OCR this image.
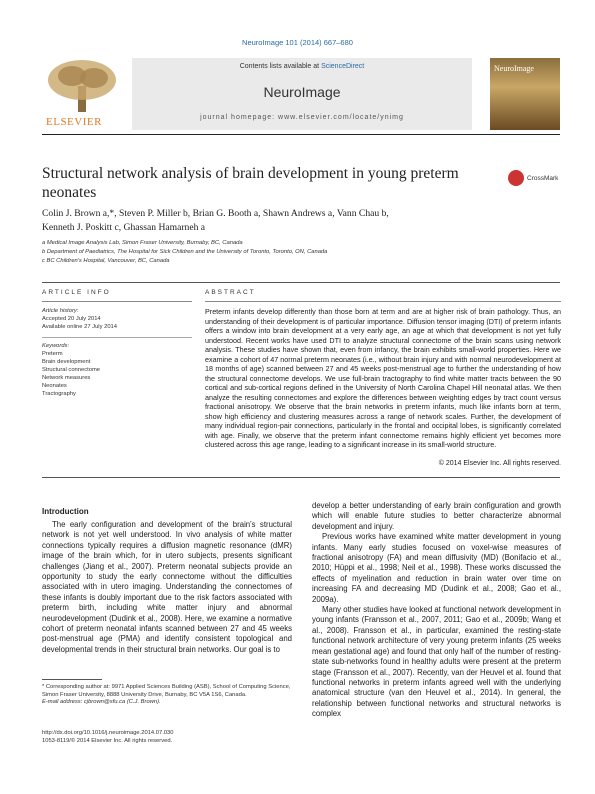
NeuroImage 101 (2014) 667–680
ELSEVIER
Contents lists available at ScienceDirect
NeuroImage
journal homepage: www.elsevier.com/locate/ynimg
NeuroImage
Structural network analysis of brain development in young preterm neonates
CrossMark
Colin J. Brown a,*, Steven P. Miller b, Brian G. Booth a, Shawn Andrews a, Vann Chau b,
Kenneth J. Poskitt c, Ghassan Hamarneh a
a Medical Image Analysis Lab, Simon Fraser University, Burnaby, BC, Canada
b Department of Paediatrics, The Hospital for Sick Children and the University of Toronto, Toronto, ON, Canada
c BC Children's Hospital, Vancouver, BC, Canada
ARTICLE INFO	ABSTRACT
Article history:
Accepted 20 July 2014
Available online 27 July 2014
Keywords:
Preterm
Brain development
Structural connectome
Network measures
Neonates
Tractography
Preterm infants develop differently than those born at term and are at higher risk of brain pathology. Thus, an understanding of their development is of particular importance. Diffusion tensor imaging (DTI) of preterm infants offers a window into brain development at a very early age, an age at which that development is not yet fully understood. Recent works have used DTI to analyze structural connectome of the brain scans using network analysis. These studies have shown that, even from infancy, the brain exhibits small-world properties. Here we examine a cohort of 47 normal preterm neonates (i.e., without brain injury and with normal neurodevelopment at 18 months of age) scanned between 27 and 45 weeks post-menstrual age to further the understanding of how the structural connectome develops. We use full-brain tractography to find white matter tracts between the 90 cortical and sub-cortical regions defined in the University of North Carolina Chapel Hill neonatal atlas. We then analyze the resulting connectomes and explore the differences between weighting edges by tract count versus fractional anisotropy. We observe that the brain networks in preterm infants, much like infants born at term, show high efficiency and clustering measures across a range of network scales. Further, the development of many individual region-pair connections, particularly in the frontal and occipital lobes, is significantly correlated with age. Finally, we observe that the preterm infant connectome remains highly efficient yet becomes more clustered across this age range, leading to a significant increase in its small-world structure.
© 2014 Elsevier Inc. All rights reserved.
Introduction

The early configuration and development of the brain's structural network is not yet well understood. In vivo analysis of white matter connections typically requires a diffusion magnetic resonance (dMR) image of the brain which, for in utero subjects, presents significant challenges (Jiang et al., 2007). Preterm neonatal subjects provide an opportunity to study the early connectome without the difficulties associated with in utero imaging. Understanding the connectomes of these infants is doubly important due to the risk factors associated with preterm birth, including white matter injury and abnormal neurodevelopment (Dudink et al., 2008). Here, we examine a normative cohort of preterm neonatal infants scanned between 27 and 45 weeks post-menstrual age (PMA) and identify consistent topological and developmental trends in their structural brain networks. Our goal is to

develop a better understanding of early brain configuration and growth which will enable future studies to better characterize abnormal development and injury.

Previous works have examined white matter development in young infants. Many early studies focused on voxel-wise measures of fractional anisotropy (FA) and mean diffusivity (MD) (Bonifacio et al., 2010; Hüppi et al., 1998; Neil et al., 1998). These works discussed the effects of myelination and reduction in brain water over time on increasing FA and decreasing MD (Dudink et al., 2008; Gao et al., 2009a).

Many other studies have looked at functional network development in young infants (Fransson et al., 2007, 2011; Gao et al., 2009b; Wang et al., 2008). Fransson et al., in particular, examined the resting-state functional network architecture of very young preterm infants (25 weeks mean gestational age) and found that only half of the number of resting-state sub-networks found in healthy adults were present at the preterm stage (Fransson et al., 2007). Recently, van der Heuvel et al. found that functional networks in preterm infants agreed well with the underlying anatomical structure (van den Heuvel et al., 2014). In general, the relationship between functional networks and structural networks is complex

* Corresponding author at: 9971 Applied Sciences Building (ASB), School of Computing Science, Simon Fraser University, 8888 University Drive, Burnaby, BC V5A 1S6, Canada.
E-mail address: cjbrown@sfu.ca (C.J. Brown).
http://dx.doi.org/10.1016/j.neuroimage.2014.07.030
1053-8119/© 2014 Elsevier Inc. All rights reserved.
